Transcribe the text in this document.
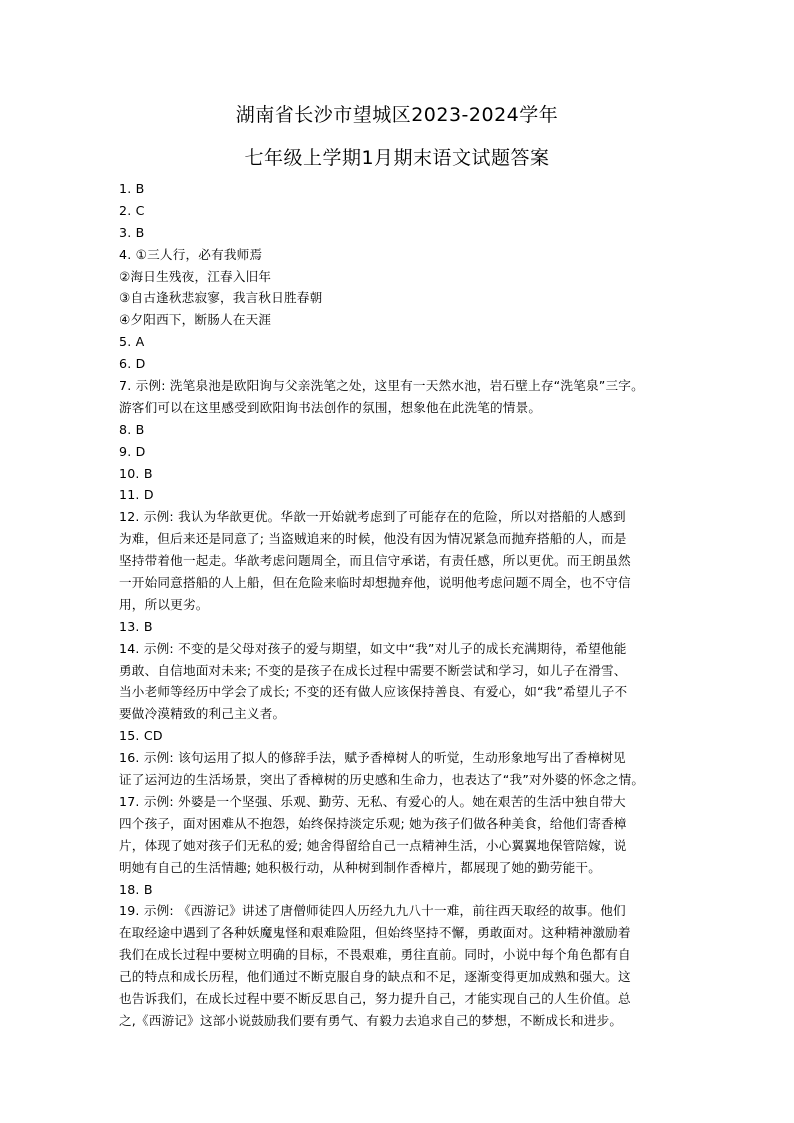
湖南省长沙市望城区2023-2024学年
七年级上学期1月期末语文试题答案
1. B
2. C
3. B
4. ①三人行，必有我师焉
②海日生残夜，江春入旧年
③自古逢秋悲寂寥，我言秋日胜春朝
④夕阳西下，断肠人在天涯
5. A
6. D
7. 示例: 洗笔泉池是欧阳询与父亲洗笔之处，这里有一天然水池，岩石壁上存“洗笔泉”三字。
游客们可以在这里感受到欧阳询书法创作的氛围，想象他在此洗笔的情景。
8. B
9. D
10. B
11. D
12. 示例: 我认为华歆更优。华歆一开始就考虑到了可能存在的危险，所以对搭船的人感到
为难，但后来还是同意了; 当盗贼追来的时候，他没有因为情况紧急而抛弃搭船的人，而是
坚持带着他一起走。华歆考虑问题周全，而且信守承诺，有责任感，所以更优。而王朗虽然
一开始同意搭船的人上船，但在危险来临时却想抛弃他，说明他考虑问题不周全，也不守信
用，所以更劣。
13. B
14. 示例: 不变的是父母对孩子的爱与期望，如文中“我”对儿子的成长充满期待，希望他能
勇敢、自信地面对未来; 不变的是孩子在成长过程中需要不断尝试和学习，如儿子在滑雪、
当小老师等经历中学会了成长; 不变的还有做人应该保持善良、有爱心，如“我”希望儿子不
要做冷漠精致的利己主义者。
15. CD
16. 示例: 该句运用了拟人的修辞手法，赋予香樟树人的听觉，生动形象地写出了香樟树见
证了运河边的生活场景，突出了香樟树的历史感和生命力，也表达了“我”对外婆的怀念之情。
17. 示例: 外婆是一个坚强、乐观、勤劳、无私、有爱心的人。她在艰苦的生活中独自带大
四个孩子，面对困难从不抱怨，始终保持淡定乐观; 她为孩子们做各种美食，给他们寄香樟
片，体现了她对孩子们无私的爱; 她舍得留给自己一点精神生活，小心翼翼地保管陪嫁，说
明她有自己的生活情趣; 她积极行动，从种树到制作香樟片，都展现了她的勤劳能干。
18. B
19. 示例: 《西游记》讲述了唐僧师徒四人历经九九八十一难，前往西天取经的故事。他们
在取经途中遇到了各种妖魔鬼怪和艰难险阻，但始终坚持不懈，勇敢面对。这种精神激励着
我们在成长过程中要树立明确的目标，不畏艰难，勇往直前。同时，小说中每个角色都有自
己的特点和成长历程，他们通过不断克服自身的缺点和不足，逐渐变得更加成熟和强大。这
也告诉我们，在成长过程中要不断反思自己，努力提升自己，才能实现自己的人生价值。总
之,《西游记》这部小说鼓励我们要有勇气、有毅力去追求自己的梦想，不断成长和进步。
